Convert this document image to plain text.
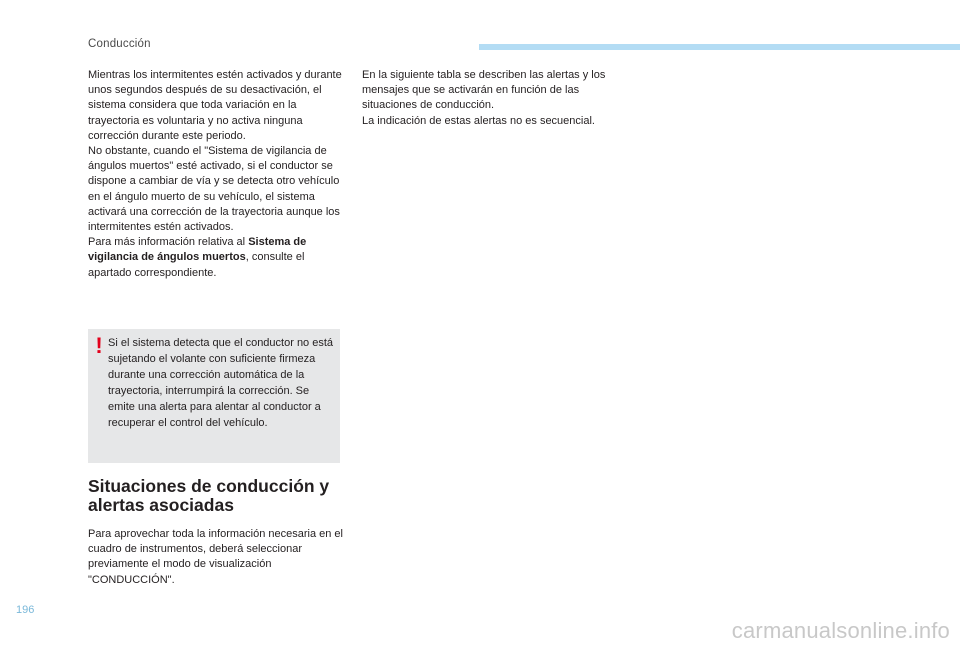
Conducción

Mientras los intermitentes estén activados y durante unos segundos después de su desactivación, el sistema considera que toda variación en la trayectoria es voluntaria y no activa ninguna corrección durante este periodo.

No obstante, cuando el "Sistema de vigilancia de ángulos muertos" esté activado, si el conductor se dispone a cambiar de vía y se detecta otro vehículo en el ángulo muerto de su vehículo, el sistema activará una corrección de la trayectoria aunque los intermitentes estén activados.

Para más información relativa al Sistema de vigilancia de ángulos muertos, consulte el apartado correspondiente.

! Si el sistema detecta que el conductor no está sujetando el volante con suficiente firmeza durante una corrección automática de la trayectoria, interrumpirá la corrección. Se emite una alerta para alentar al conductor a recuperar el control del vehículo.
Situaciones de conducción y alertas asociadas

Para aprovechar toda la información necesaria en el cuadro de instrumentos, deberá seleccionar previamente el modo de visualización "CONDUCCIÓN".

En la siguiente tabla se describen las alertas y los mensajes que se activarán en función de las situaciones de conducción.

La indicación de estas alertas no es secuencial.

196
carmanualsonline.info
